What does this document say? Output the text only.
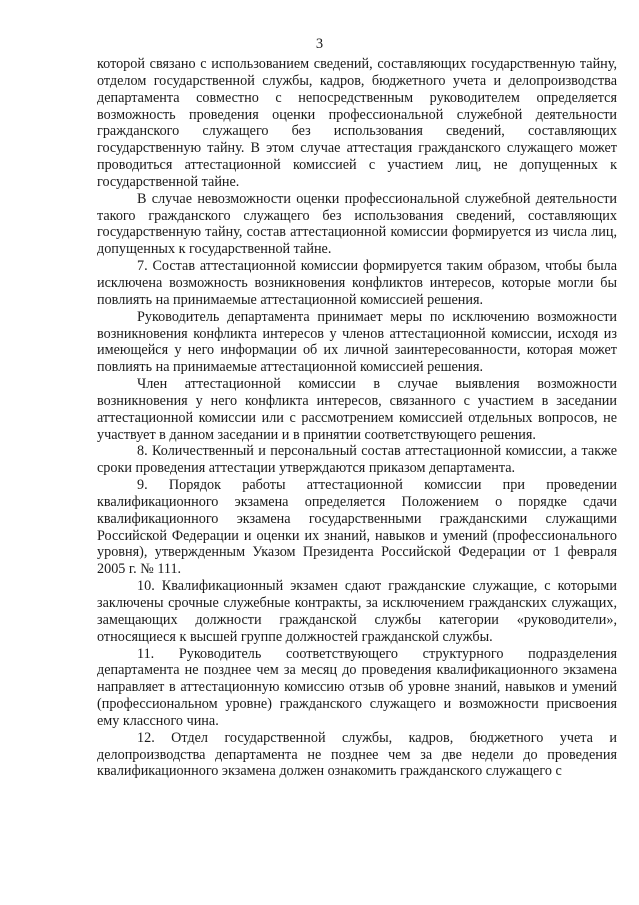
3

которой связано с использованием сведений, составляющих государственную тайну, отделом государственной службы, кадров, бюджетного учета и делопроизводства департамента совместно с непосредственным руководителем определяется возможность проведения оценки профессиональной служебной деятельности гражданского служащего без использования сведений, составляющих государственную тайну. В этом случае аттестация гражданского служащего может проводиться аттестационной комиссией с участием лиц, не допущенных к государственной тайне.

В случае невозможности оценки профессиональной служебной деятельности такого гражданского служащего без использования сведений, составляющих государственную тайну, состав аттестационной комиссии формируется из числа лиц, допущенных к государственной тайне.

7. Состав аттестационной комиссии формируется таким образом, чтобы была исключена возможность возникновения конфликтов интересов, которые могли бы повлиять на принимаемые аттестационной комиссией решения.

Руководитель департамента принимает меры по исключению возможности возникновения конфликта интересов у членов аттестационной комиссии, исходя из имеющейся у него информации об их личной заинтересованности, которая может повлиять на принимаемые аттестационной комиссией решения.

Член аттестационной комиссии в случае выявления возможности возникновения у него конфликта интересов, связанного с участием в заседании аттестационной комиссии или с рассмотрением комиссией отдельных вопросов, не участвует в данном заседании и в принятии соответствующего решения.

8. Количественный и персональный состав аттестационной комиссии, а также сроки проведения аттестации утверждаются приказом департамента.

9. Порядок работы аттестационной комиссии при проведении квалификационного экзамена определяется Положением о порядке сдачи квалификационного экзамена государственными гражданскими служащими Российской Федерации и оценки их знаний, навыков и умений (профессионального уровня), утвержденным Указом Президента Российской Федерации от 1 февраля 2005 г. № 111.

10. Квалификационный экзамен сдают гражданские служащие, с которыми заключены срочные служебные контракты, за исключением гражданских служащих, замещающих должности гражданской службы категории «руководители», относящиеся к высшей группе должностей гражданской службы.

11. Руководитель соответствующего структурного подразделения департамента не позднее чем за месяц до проведения квалификационного экзамена направляет в аттестационную комиссию отзыв об уровне знаний, навыков и умений (профессиональном уровне) гражданского служащего и возможности присвоения ему классного чина.

12. Отдел государственной службы, кадров, бюджетного учета и делопроизводства департамента не позднее чем за две недели до проведения квалификационного экзамена должен ознакомить гражданского служащего с
